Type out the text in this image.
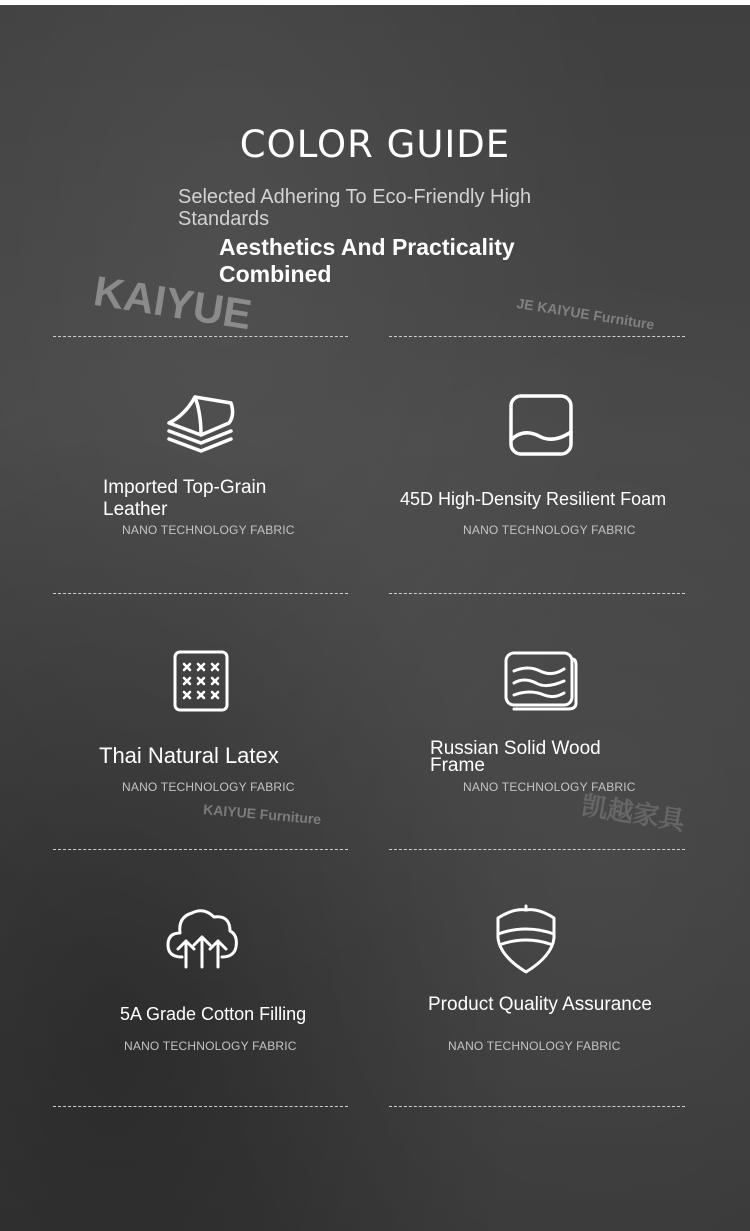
KAIYUE	JE KAIYUE Furniture
KAIYUE Furniture	凯越家具
COLOR GUIDE
Selected Adhering To Eco-Friendly High Standards
Aesthetics And Practicality Combined
Imported Top-Grain Leather
NANO TECHNOLOGY FABRIC
45D High-Density Resilient Foam
NANO TECHNOLOGY FABRIC
Thai Natural Latex
NANO TECHNOLOGY FABRIC
Russian Solid Wood Frame
NANO TECHNOLOGY FABRIC
5A Grade Cotton Filling
NANO TECHNOLOGY FABRIC
Product Quality Assurance
NANO TECHNOLOGY FABRIC
